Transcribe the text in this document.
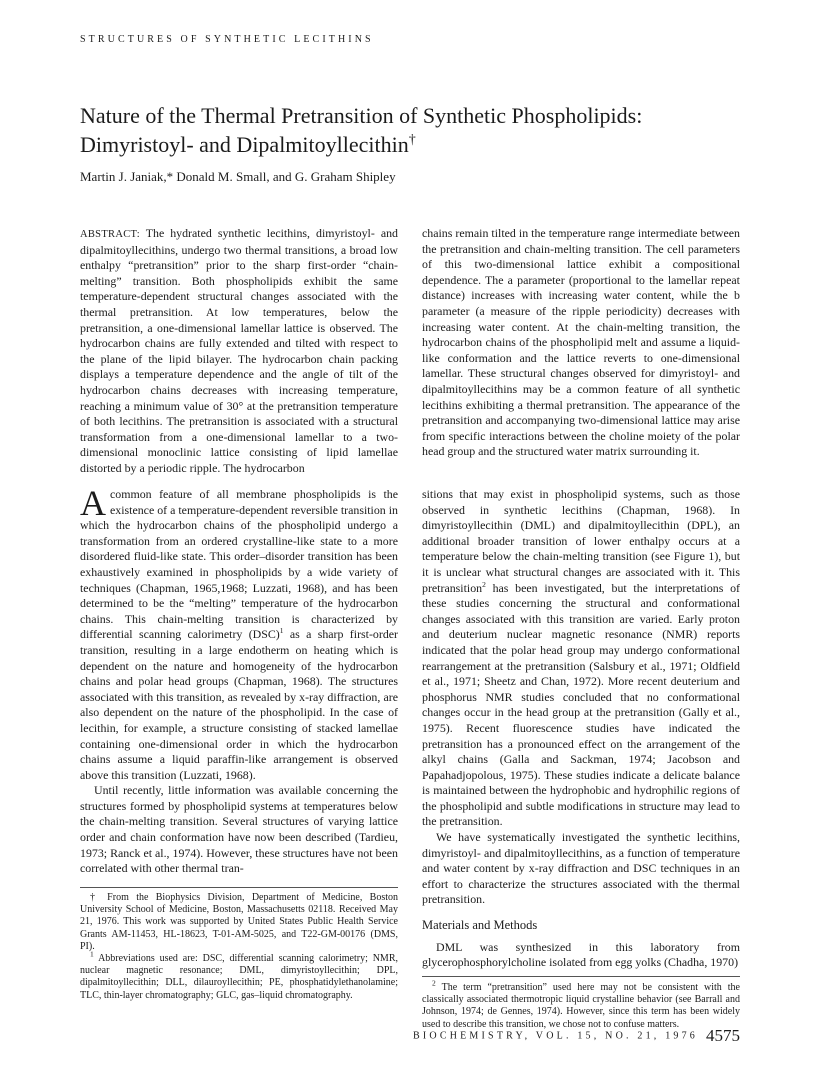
STRUCTURES OF SYNTHETIC LECITHINS
Nature of the Thermal Pretransition of Synthetic Phospholipids:
Dimyristoyl- and Dipalmitoyllecithin†
Martin J. Janiak,* Donald M. Small, and G. Graham Shipley

ABSTRACT: The hydrated synthetic lecithins, dimyristoyl- and dipalmitoyllecithins, undergo two thermal transitions, a broad low enthalpy “pretransition” prior to the sharp first-order “chain-melting” transition. Both phospholipids exhibit the same temperature-dependent structural changes associated with the thermal pretransition. At low temperatures, below the pretransition, a one-dimensional lamellar lattice is observed. The hydrocarbon chains are fully extended and tilted with respect to the plane of the lipid bilayer. The hydrocarbon chain packing displays a temperature dependence and the angle of tilt of the hydrocarbon chains decreases with increasing temperature, reaching a minimum value of 30° at the pretransition temperature of both lecithins. The pretransition is associated with a structural transformation from a one-dimensional lamellar to a two-dimensional monoclinic lattice consisting of lipid lamellae distorted by a periodic ripple. The hydrocarbon

chains remain tilted in the temperature range intermediate between the pretransition and chain-melting transition. The cell parameters of this two-dimensional lattice exhibit a compositional dependence. The a parameter (proportional to the lamellar repeat distance) increases with increasing water content, while the b parameter (a measure of the ripple periodicity) decreases with increasing water content. At the chain-melting transition, the hydrocarbon chains of the phospholipid melt and assume a liquid-like conformation and the lattice reverts to one-dimensional lamellar. These structural changes observed for dimyristoyl- and dipalmitoyllecithins may be a common feature of all synthetic lecithins exhibiting a thermal pretransition. The appearance of the pretransition and accompanying two-dimensional lattice may arise from specific interactions between the choline moiety of the polar head group and the structured water matrix surrounding it.

A common feature of all membrane phospholipids is the existence of a temperature-dependent reversible transition in which the hydrocarbon chains of the phospholipid undergo a transformation from an ordered crystalline-like state to a more disordered fluid-like state. This order–disorder transition has been exhaustively examined in phospholipids by a wide variety of techniques (Chapman, 1965,1968; Luzzati, 1968), and has been determined to be the “melting” temperature of the hydrocarbon chains. This chain-melting transition is characterized by differential scanning calorimetry (DSC)$^1$ as a sharp first-order transition, resulting in a large endotherm on heating which is dependent on the nature and homogeneity of the hydrocarbon chains and polar head groups (Chapman, 1968). The structures associated with this transition, as revealed by x-ray diffraction, are also dependent on the nature of the phospholipid. In the case of lecithin, for example, a structure consisting of stacked lamellae containing one-dimensional order in which the hydrocarbon chains assume a liquid paraffin-like arrangement is observed above this transition (Luzzati, 1968).

Until recently, little information was available concerning the structures formed by phospholipid systems at temperatures below the chain-melting transition. Several structures of varying lattice order and chain conformation have now been described (Tardieu, 1973; Ranck et al., 1974). However, these structures have not been correlated with other thermal tran-

sitions that may exist in phospholipid systems, such as those observed in synthetic lecithins (Chapman, 1968). In dimyristoyllecithin (DML) and dipalmitoyllecithin (DPL), an additional broader transition of lower enthalpy occurs at a temperature below the chain-melting transition (see Figure 1), but it is unclear what structural changes are associated with it. This pretransition$^2$ has been investigated, but the interpretations of these studies concerning the structural and conformational changes associated with this transition are varied. Early proton and deuterium nuclear magnetic resonance (NMR) reports indicated that the polar head group may undergo conformational rearrangement at the pretransition (Salsbury et al., 1971; Oldfield et al., 1971; Sheetz and Chan, 1972). More recent deuterium and phosphorus NMR studies concluded that no conformational changes occur in the head group at the pretransition (Gally et al., 1975). Recent fluorescence studies have indicated the pretransition has a pronounced effect on the arrangement of the alkyl chains (Galla and Sackman, 1974; Jacobson and Papahadjopolous, 1975). These studies indicate a delicate balance is maintained between the hydrophobic and hydrophilic regions of the phospholipid and subtle modifications in structure may lead to the pretransition.

We have systematically investigated the synthetic lecithins, dimyristoyl- and dipalmitoyllecithins, as a function of temperature and water content by x-ray diffraction and DSC techniques in an effort to characterize the structures associated with the thermal pretransition.

Materials and Methods

DML was synthesized in this laboratory from glycerophosphorylcholine isolated from egg yolks (Chadha, 1970)

† From the Biophysics Division, Department of Medicine, Boston University School of Medicine, Boston, Massachusetts 02118. Received May 21, 1976. This work was supported by United States Public Health Service Grants AM-11453, HL-18623, T-01-AM-5025, and T22-GM-00176 (DMS, PI).

$^1$ Abbreviations used are: DSC, differential scanning calorimetry; NMR, nuclear magnetic resonance; DML, dimyristoyllecithin; DPL, dipalmitoyllecithin; DLL, dilauroyllecithin; PE, phosphatidylethanolamine; TLC, thin-layer chromatography; GLC, gas–liquid chromatography.

$^2$ The term “pretransition” used here may not be consistent with the classically associated thermotropic liquid crystalline behavior (see Barrall and Johnson, 1974; de Gennes, 1974). However, since this term has been widely used to describe this transition, we chose not to confuse matters.

BIOCHEMISTRY, VOL. 15, NO. 21, 1976 4575
